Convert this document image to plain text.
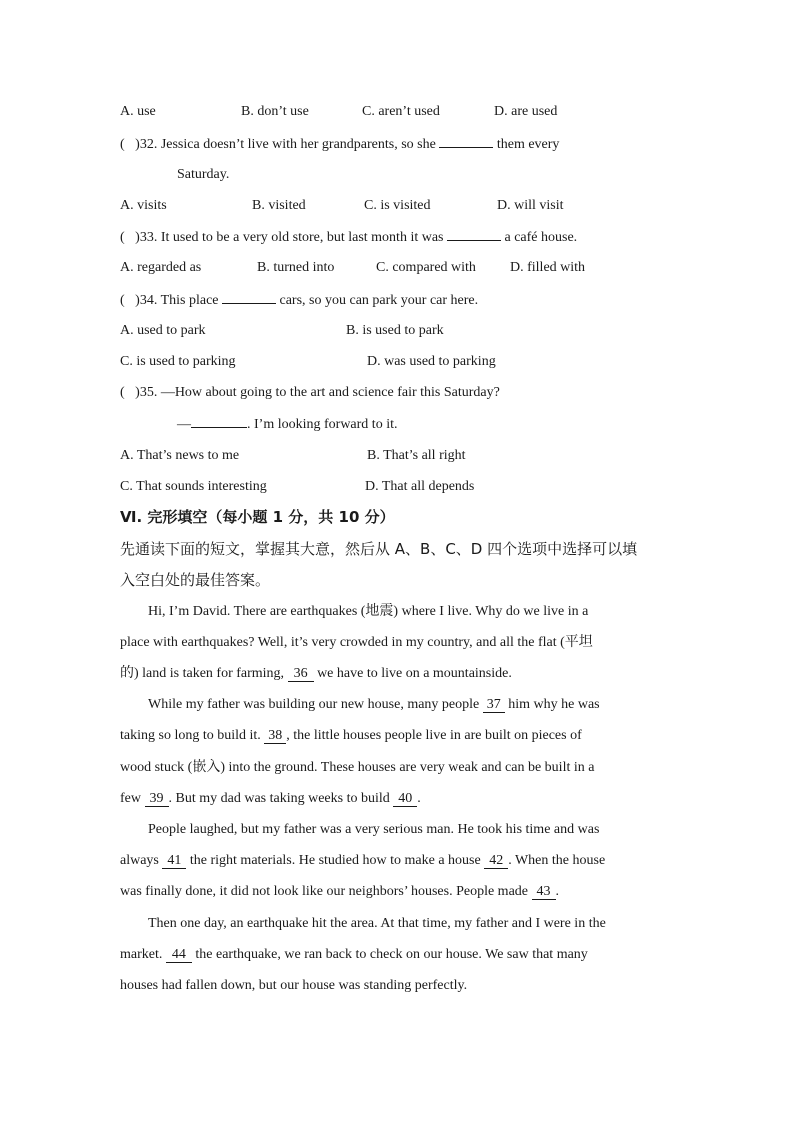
A. use	B. don’t use	C. aren’t used	D. are used
(   )32. Jessica doesn’t live with her grandparents, so she	them every
Saturday.
A. visits	B. visited	C. is visited	D. will visit
(   )33. It used to be a very old store, but last month it was	a café house.
A. regarded as	B. turned into	C. compared with D. filled with
(   )34. This place	cars, so you can park your car here.
A. used to park	B. is used to park
C. is used to parking	D. was used to parking
(   )35. —How about going to the art and science fair this Saturday?
—	. I’m looking forward to it.
A. That’s news to me	B. That’s all right
C. That sounds interesting	D. That all depends
Ⅵ. 完形填空（每小题 1 分，共 10 分）
先通读下面的短文，掌握其大意，然后从 A、B、C、D 四个选项中选择可以填
入空白处的最佳答案。
Hi, I’m David. There are earthquakes (地震) where I live. Why do we live in a
place with earthquakes? Well, it’s very crowded in my country, and all the flat (平坦
的) land is taken for farming, 36 we have to live on a mountainside.
While my father was building our new house, many people 37 him why he was
taking so long to build it. 38 , the little houses people live in are built on pieces of
wood stuck (嵌入) into the ground. These houses are very weak and can be built in a
few 39 . But my dad was taking weeks to build 40 .
People laughed, but my father was a very serious man. He took his time and was
always 41 the right materials. He studied how to make a house 42 . When the house
was finally done, it did not look like our neighbors’ houses. People made 43 .
Then one day, an earthquake hit the area. At that time, my father and I were in the
market. 44 the earthquake, we ran back to check on our house. We saw that many
houses had fallen down, but our house was standing perfectly.
